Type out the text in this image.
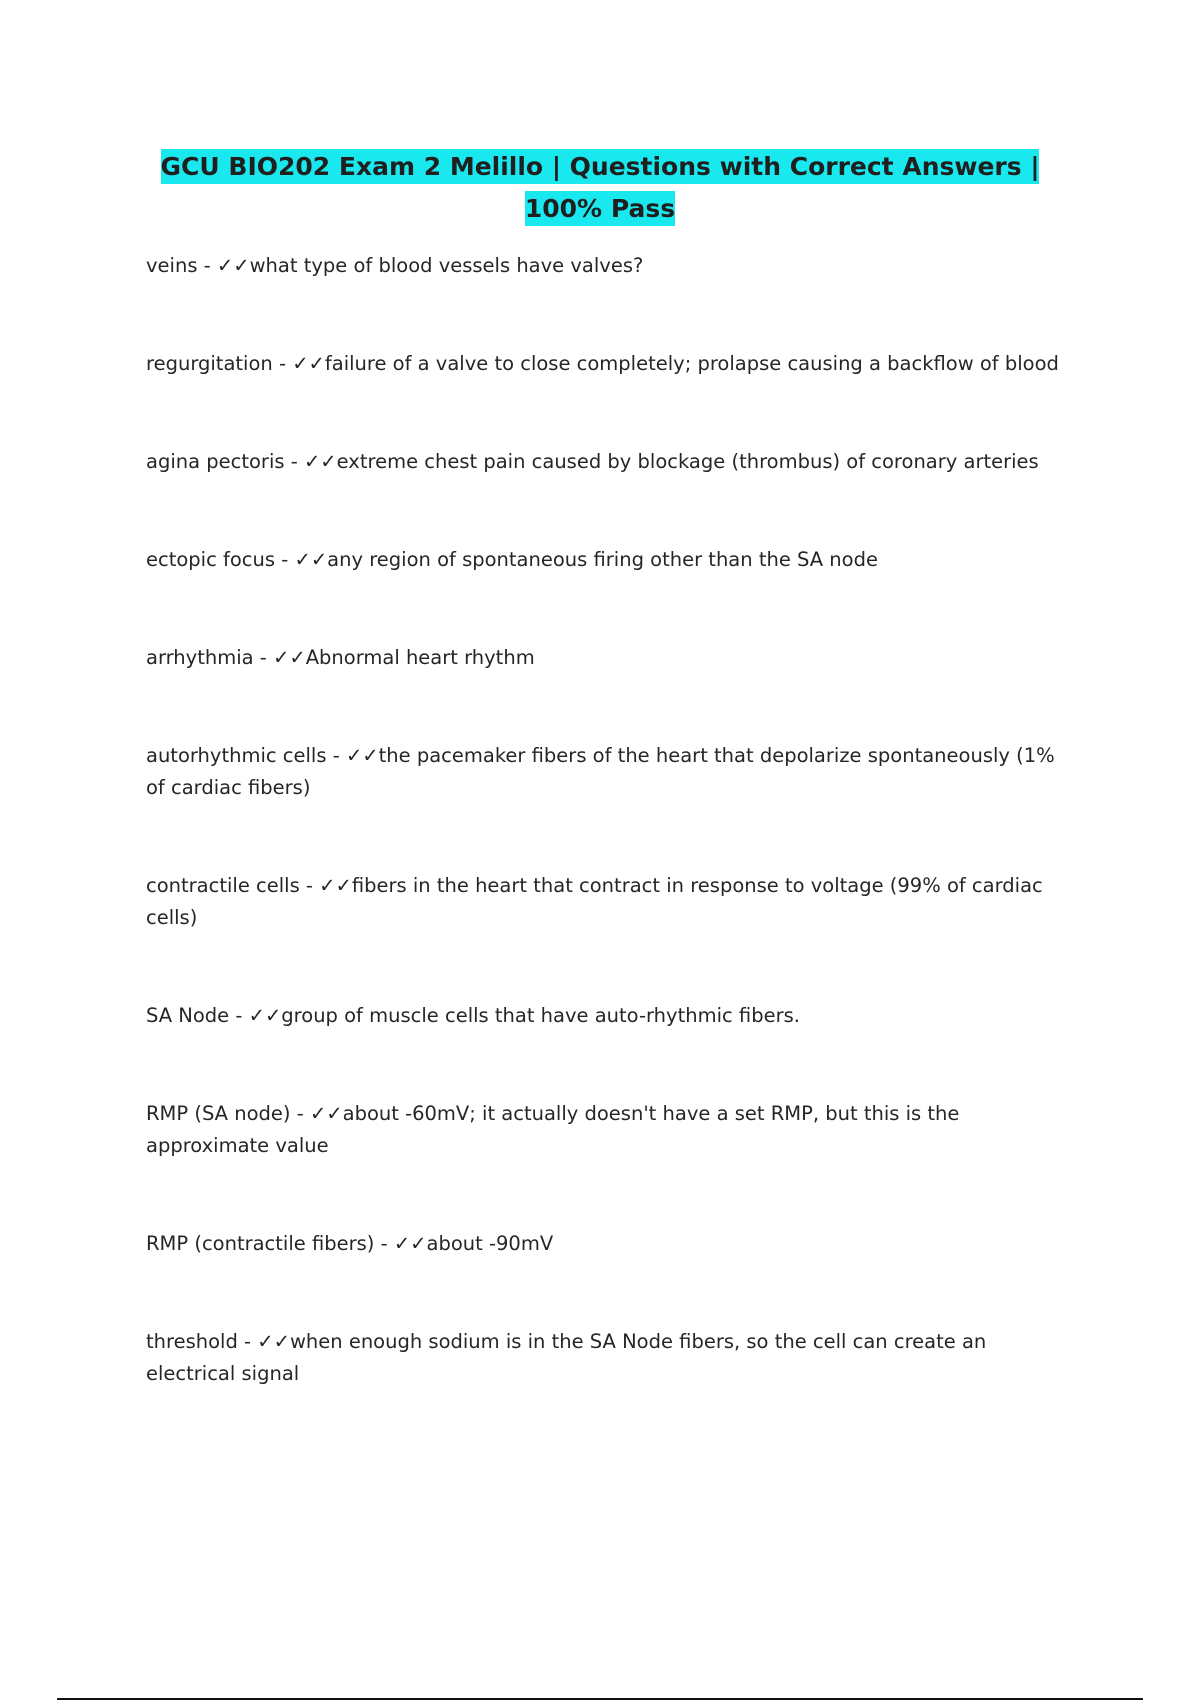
GCU BIO202 Exam 2 Melillo | Questions with Correct Answers |
100% Pass
veins - ✓✓what type of blood vessels have valves?
regurgitation - ✓✓failure of a valve to close completely; prolapse causing a backflow of blood
agina pectoris - ✓✓extreme chest pain caused by blockage (thrombus) of coronary arteries
ectopic focus - ✓✓any region of spontaneous firing other than the SA node
arrhythmia - ✓✓Abnormal heart rhythm
autorhythmic cells - ✓✓the pacemaker fibers of the heart that depolarize spontaneously (1% of cardiac fibers)
contractile cells - ✓✓fibers in the heart that contract in response to voltage (99% of cardiac cells)
SA Node - ✓✓group of muscle cells that have auto-rhythmic fibers.
RMP (SA node) - ✓✓about -60mV; it actually doesn't have a set RMP, but this is the approximate value
RMP (contractile fibers) - ✓✓about -90mV
threshold - ✓✓when enough sodium is in the SA Node fibers, so the cell can create an electrical signal
